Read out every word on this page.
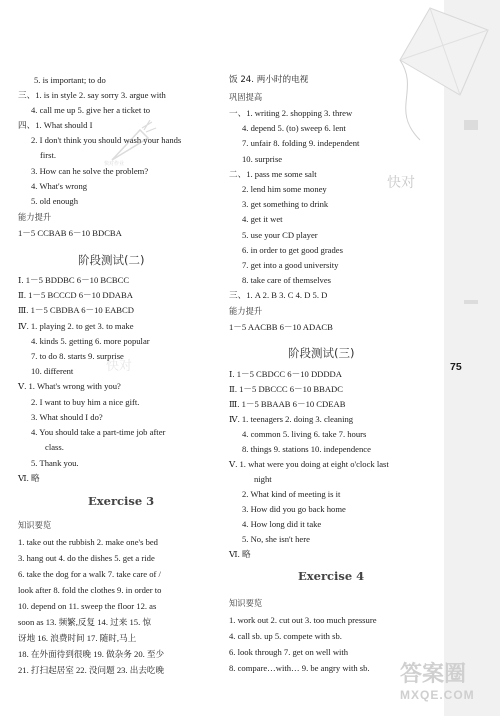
75
5. is important; to do
三、1. is in style 2. say sorry 3. argue with
4. call me up 5. give her a ticket to
四、1. What should I
2. I don't think you should wash your hands
first.
3. How can he solve the problem?
4. What's wrong
5. old enough
能力提升
1－5 CCBAB 6－10 BDCBA
阶段测试(二)
Ⅰ. 1－5 BDDBC 6－10 BCBCC
Ⅱ. 1－5 BCCCD 6－10 DDABA
Ⅲ. 1－5 CBDBA 6－10 EABCD
Ⅳ. 1. playing 2. to get 3. to make
4. kinds 5. getting 6. more popular
7. to do 8. starts 9. surprise
10. different
Ⅴ. 1. What's wrong with you?
2. I want to buy him a nice gift.
3. What should I do?
4. You should take a part-time job after
class.
5. Thank you.
Ⅵ. 略
Exercise 3
知识要览
1. take out the rubbish 2. make one's bed
3. hang out 4. do the dishes 5. get a ride
6. take the dog for a walk 7. take care of /
look after 8. fold the clothes 9. in order to
10. depend on 11. sweep the floor 12. as
soon as 13. 频繁,反复 14. 过来 15. 惊
讶地 16. 浪费时间 17. 随时,马上
18. 在外面待到很晚 19. 做杂务 20. 至少
21. 打扫起居室 22. 没问题 23. 出去吃晚
快对作业
快对
饭 24. 两小时的电视
巩固提高
一、1. writing 2. shopping 3. threw
4. depend 5. (to) sweep 6. lent
7. unfair 8. folding 9. independent
10. surprise
二、1. pass me some salt
2. lend him some money
3. get something to drink
4. get it wet
5. use your CD player
6. in order to get good grades
7. get into a good university
8. take care of themselves
三、1. A 2. B 3. C 4. D 5. D
能力提升
1－5 AACBB 6－10 ADACB
阶段测试(三)
Ⅰ. 1－5 CBDCC 6－10 DDDDA
Ⅱ. 1－5 DBCCC 6－10 BBADC
Ⅲ. 1－5 BBAAB 6－10 CDEAB
Ⅳ. 1. teenagers 2. doing 3. cleaning
4. common 5. living 6. take 7. hours
8. things 9. stations 10. independence
Ⅴ. 1. what were you doing at eight o'clock last
night
2. What kind of meeting is it
3. How did you go back home
4. How long did it take
5. No, she isn't here
Ⅵ. 略
Exercise 4
知识要览
1. work out 2. cut out 3. too much pressure
4. call sb. up 5. compete with sb.
6. look through 7. get on well with
8. compare…with… 9. be angry with sb.
快对
答案圈
MXQE.COM
